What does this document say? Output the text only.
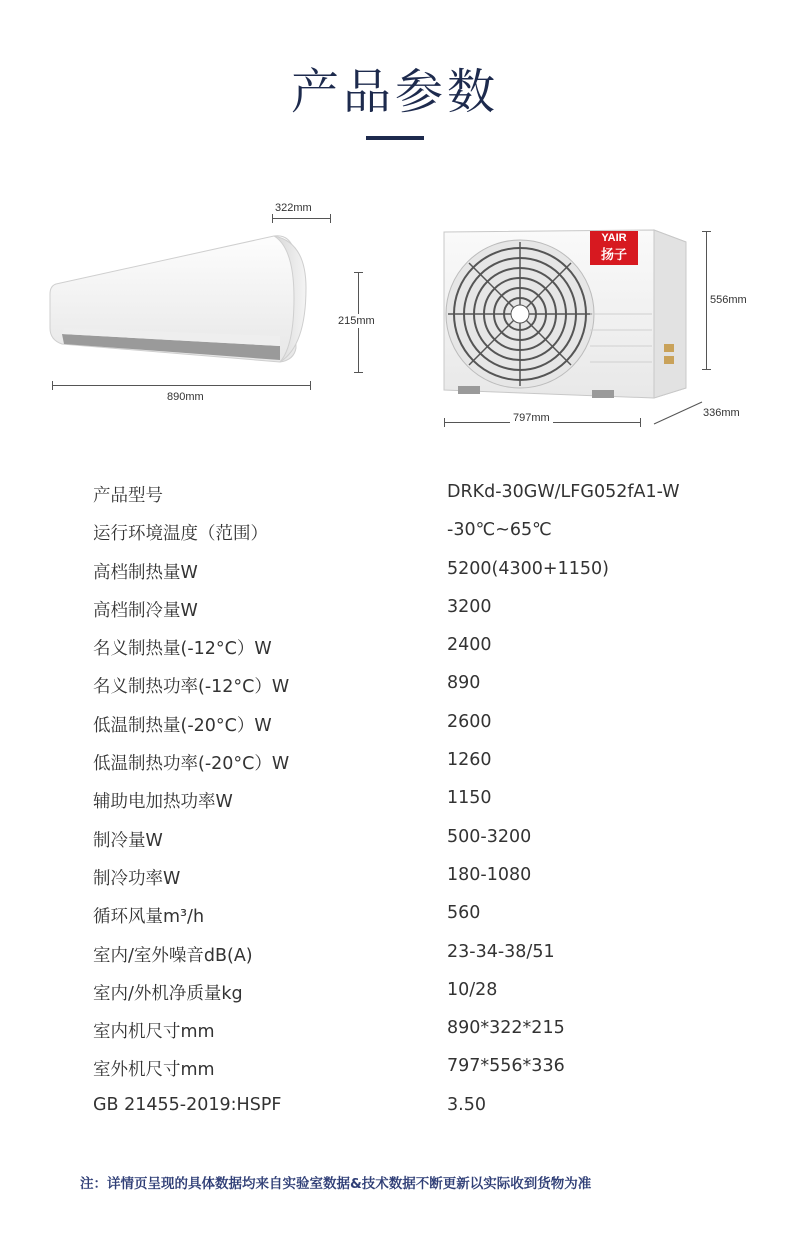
产品参数
322mm
215mm
890mm
YAIR
扬子
556mm
797mm	336mm
产品型号	DRKd-30GW/LFG052fA1-W
运行环境温度（范围）	-30℃~65℃
高档制热量W	5200(4300+1150)
高档制冷量W	3200
名义制热量(-12°C）W	2400
名义制热功率(-12°C）W	890
低温制热量(-20°C）W	2600
低温制热功率(-20°C）W	1260
辅助电加热功率W	1150
制冷量W	500-3200
制冷功率W	180-1080
循环风量m³/h	560
室内/室外噪音dB(A)	23-34-38/51
室内/外机净质量kg	10/28
室内机尺寸mm	890*322*215
室外机尺寸mm	797*556*336
GB 21455-2019:HSPF	3.50
注：详情页呈现的具体数据均来自实验室数据&技术数据不断更新以实际收到货物为准
